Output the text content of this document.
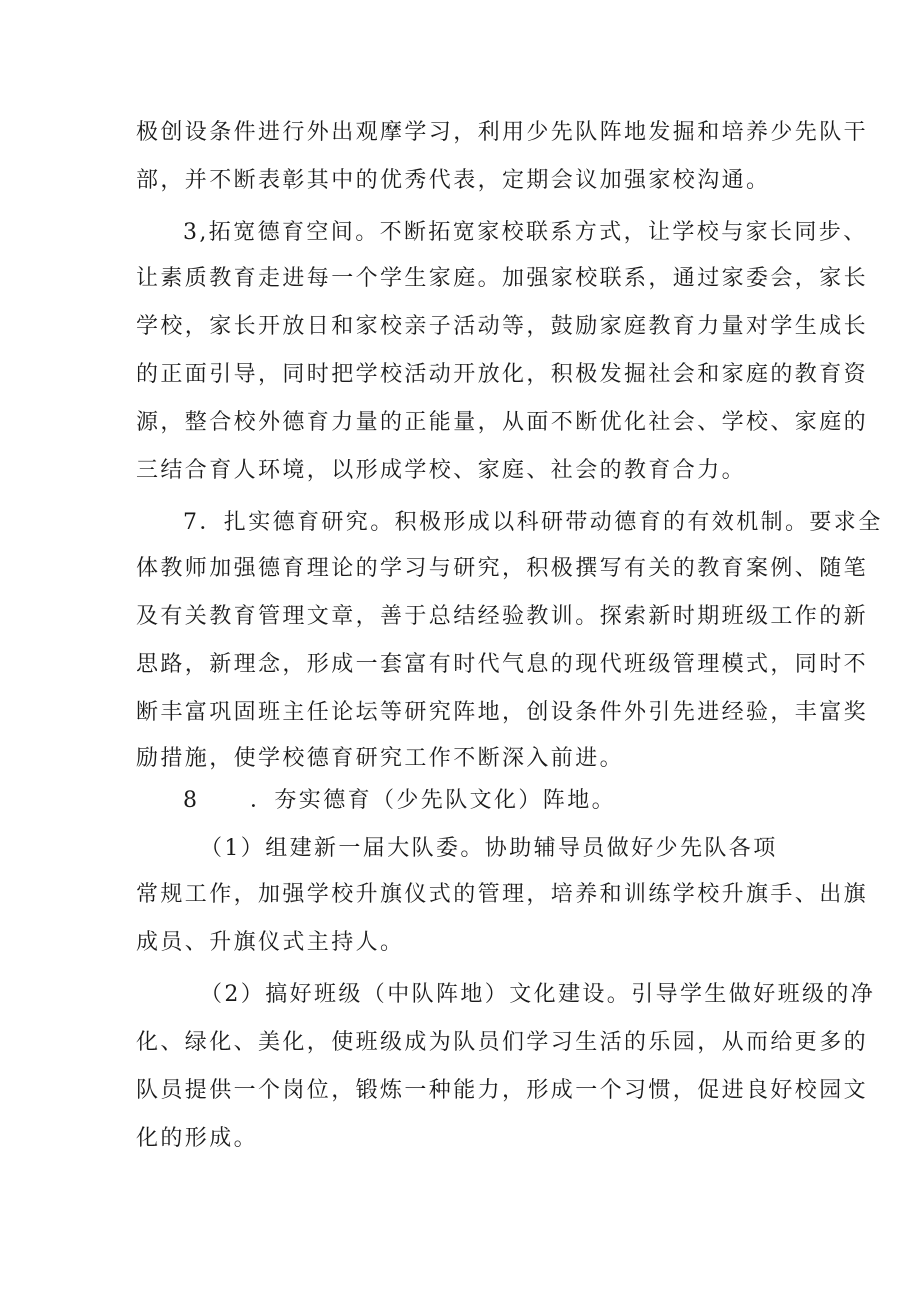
极创设条件进行外出观摩学习，利用少先队阵地发掘和培养少先队干
部，并不断表彰其中的优秀代表，定期会议加强家校沟通。
3,拓宽德育空间。不断拓宽家校联系方式，让学校与家长同步、
让素质教育走进每一个学生家庭。加强家校联系，通过家委会，家长
学校，家长开放日和家校亲子活动等，鼓励家庭教育力量对学生成长
的正面引导，同时把学校活动开放化，积极发掘社会和家庭的教育资
源，整合校外德育力量的正能量，从面不断优化社会、学校、家庭的
三结合育人环境，以形成学校、家庭、社会的教育合力。
7．扎实德育研究。积极形成以科研带动德育的有效机制。要求全
体教师加强德育理论的学习与研究，积极撰写有关的教育案例、随笔
及有关教育管理文章，善于总结经验教训。探索新时期班级工作的新
思路，新理念，形成一套富有时代气息的现代班级管理模式，同时不
断丰富巩固班主任论坛等研究阵地，创设条件外引先进经验，丰富奖
励措施，使学校德育研究工作不断深入前进。
8 ．夯实德育（少先队文化）阵地。
（1）组建新一届大队委。协助辅导员做好少先队各项
常规工作，加强学校升旗仪式的管理，培养和训练学校升旗手、出旗
成员、升旗仪式主持人。
（2）搞好班级（中队阵地）文化建设。引导学生做好班级的净
化、绿化、美化，使班级成为队员们学习生活的乐园，从而给更多的
队员提供一个岗位，锻炼一种能力，形成一个习惯，促进良好校园文
化的形成。
